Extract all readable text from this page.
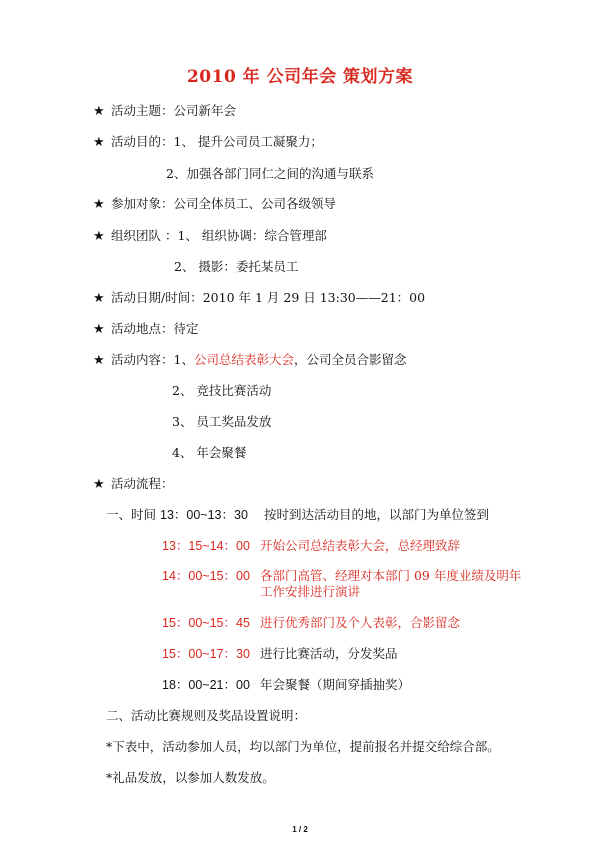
2010 年 公司年会 策划方案
★ 活动主题：公司新年会
★ 活动目的：1、 提升公司员工凝聚力；
2、加强各部门同仁之间的沟通与联系
★ 参加对象：公司全体员工、公司各级领导
★ 组织团队 ：1、 组织协调：综合管理部
2、 摄影：委托某员工
★ 活动日期/时间：2010 年 1 月 29 日 13:30——21：00
★ 活动地点：待定
★ 活动内容：1、公司总结表彰大会，公司全员合影留念
2、 竞技比赛活动
3、 员工奖品发放
4、 年会聚餐
★ 活动流程：
一、时间 13：00~13：30 按时到达活动目的地，以部门为单位签到
13：15~14：00 开始公司总结表彰大会，总经理致辞
14：00~15：00 各部门高管、经理对本部门 09 年度业绩及明年
工作安排进行演讲
15：00~15：45 进行优秀部门及个人表彰，合影留念
15：00~17：30 进行比赛活动，分发奖品
18：00~21：00 年会聚餐（期间穿插抽奖）
二、活动比赛规则及奖品设置说明：
*下表中，活动参加人员，均以部门为单位，提前报名并提交给综合部。
*礼品发放，以参加人数发放。
1 / 2
